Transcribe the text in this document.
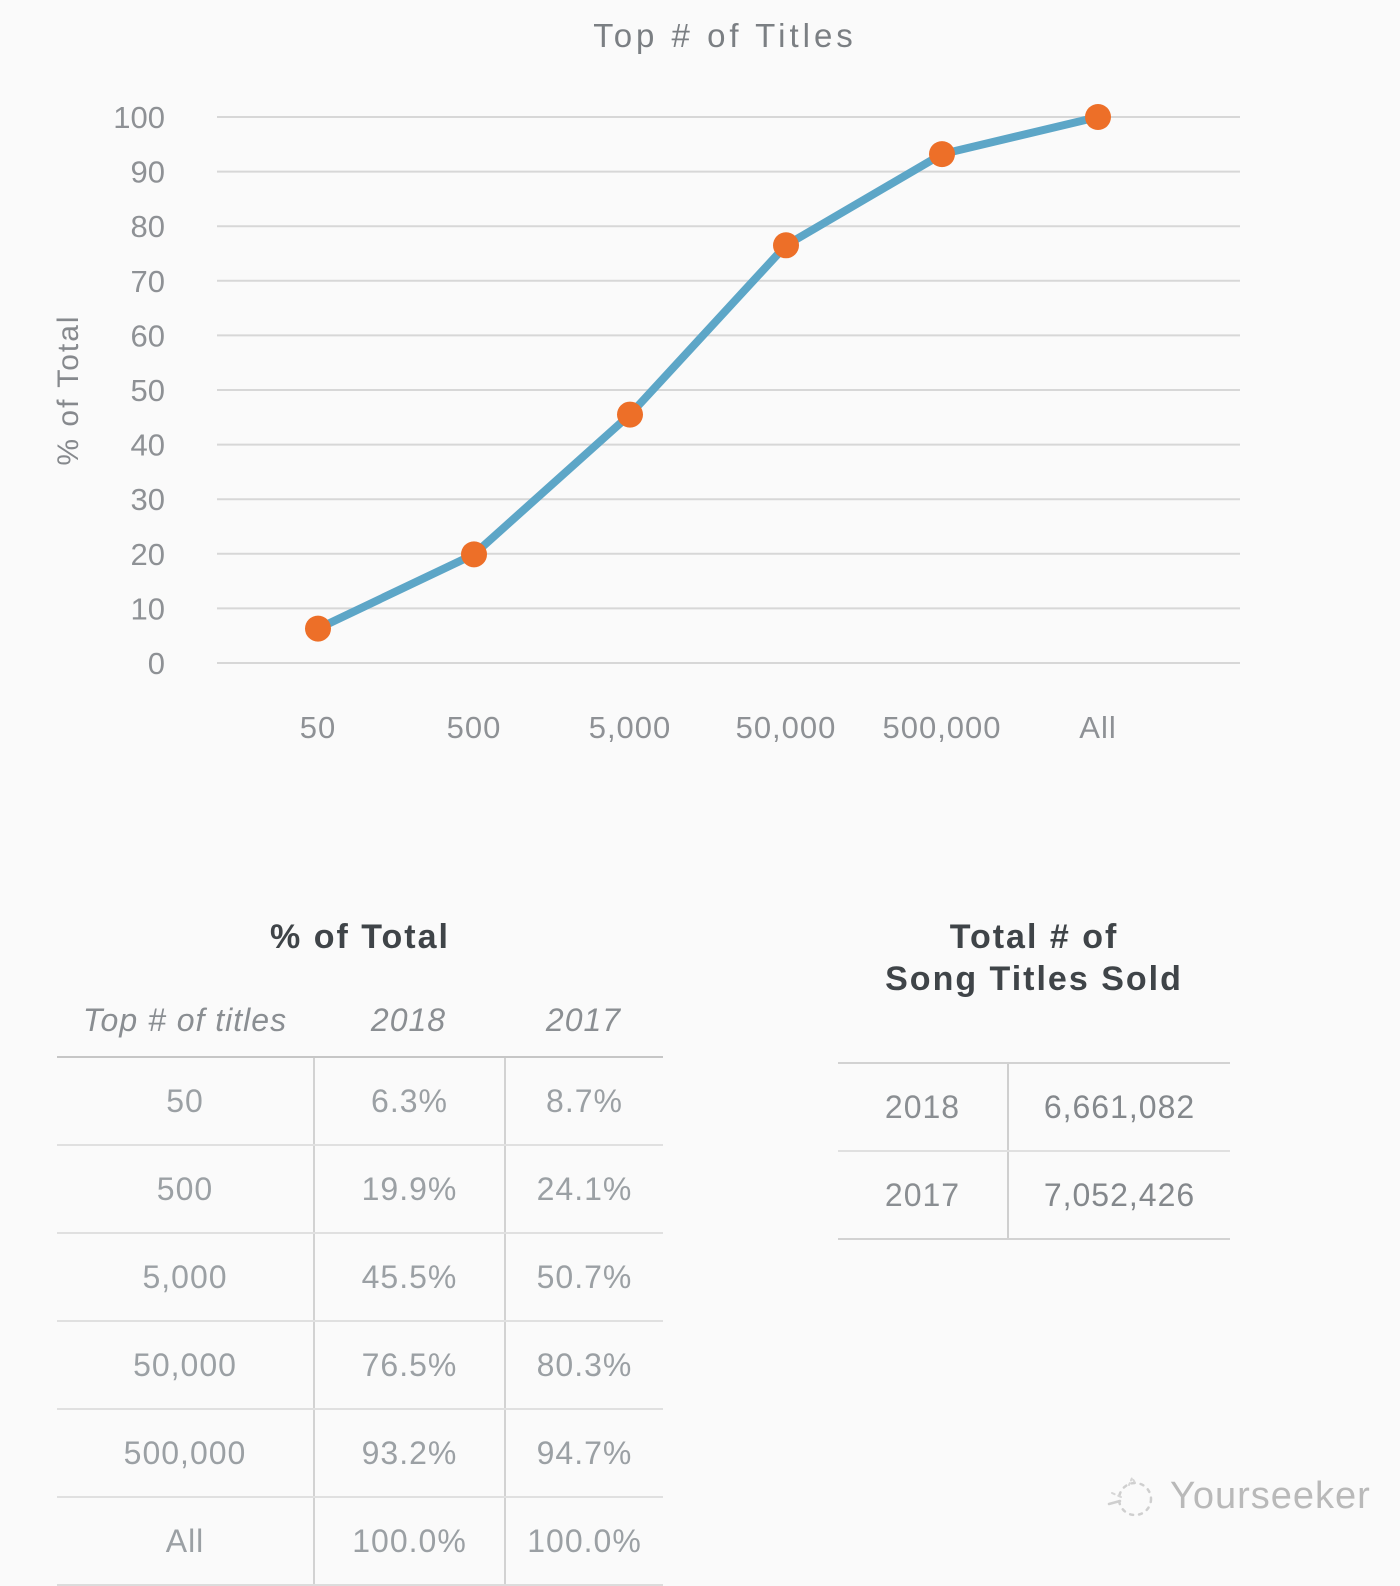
Top # of Titles
% of Total
0
10
20
30
40
50
60
70
80
90
100
50	500	5,000 50,000 500,000	All
% of Total
Top # of titles	2018	2017
50	6.3%	8.7%
500	19.9%	24.1%
5,000	45.5%	50.7%
50,000	76.5%	80.3%
500,000	93.2%	94.7%
All	100.0%	100.0%
Total # of
Song Titles Sold
2018	6,661,082
2017	7,052,426
Yourseeker
